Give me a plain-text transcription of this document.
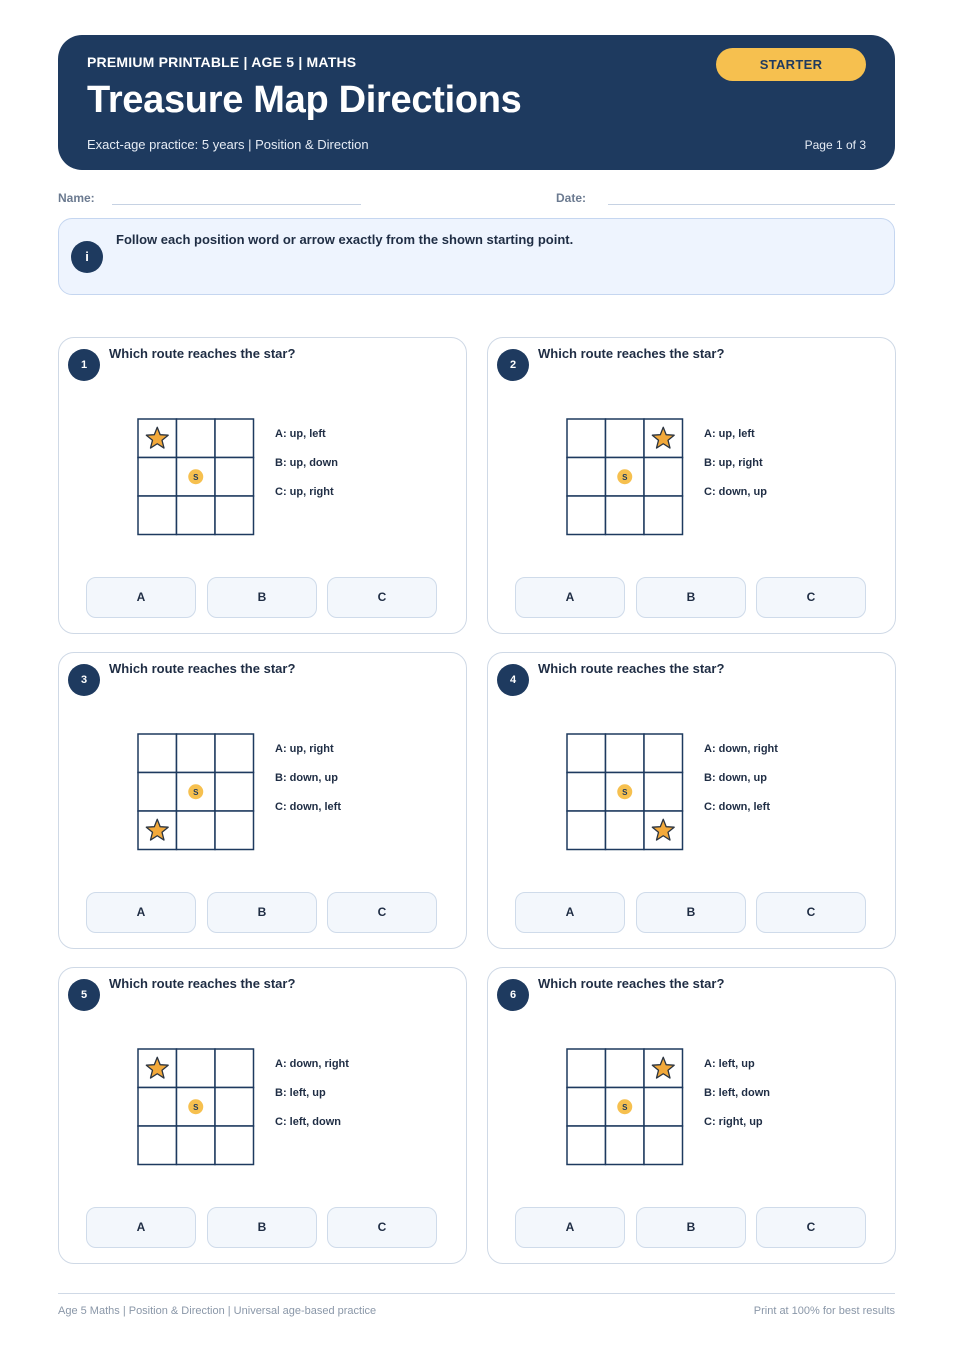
PREMIUM PRINTABLE | AGE 5 | MATHS
Treasure Map Directions
Exact-age practice: 5 years | Position & Direction	Page 1 of 3
STARTER
Name:	Date:
i
Follow each position word or arrow exactly from the shown starting point.
1
Which route reaches the star?
S
A: up, left
B: up, down
C: up, right
A	B	C
2
Which route reaches the star?
S
A: up, left
B: up, right
C: down, up
A	B	C
3
Which route reaches the star?
S
A: up, right
B: down, up
C: down, left
A	B	C
4
Which route reaches the star?
S
A: down, right
B: down, up
C: down, left
A	B	C
5
Which route reaches the star?
S
A: down, right
B: left, up
C: left, down
A	B	C
6
Which route reaches the star?
S
A: left, up
B: left, down
C: right, up
A	B	C
Age 5 Maths | Position & Direction | Universal age-based practice	Print at 100% for best results
